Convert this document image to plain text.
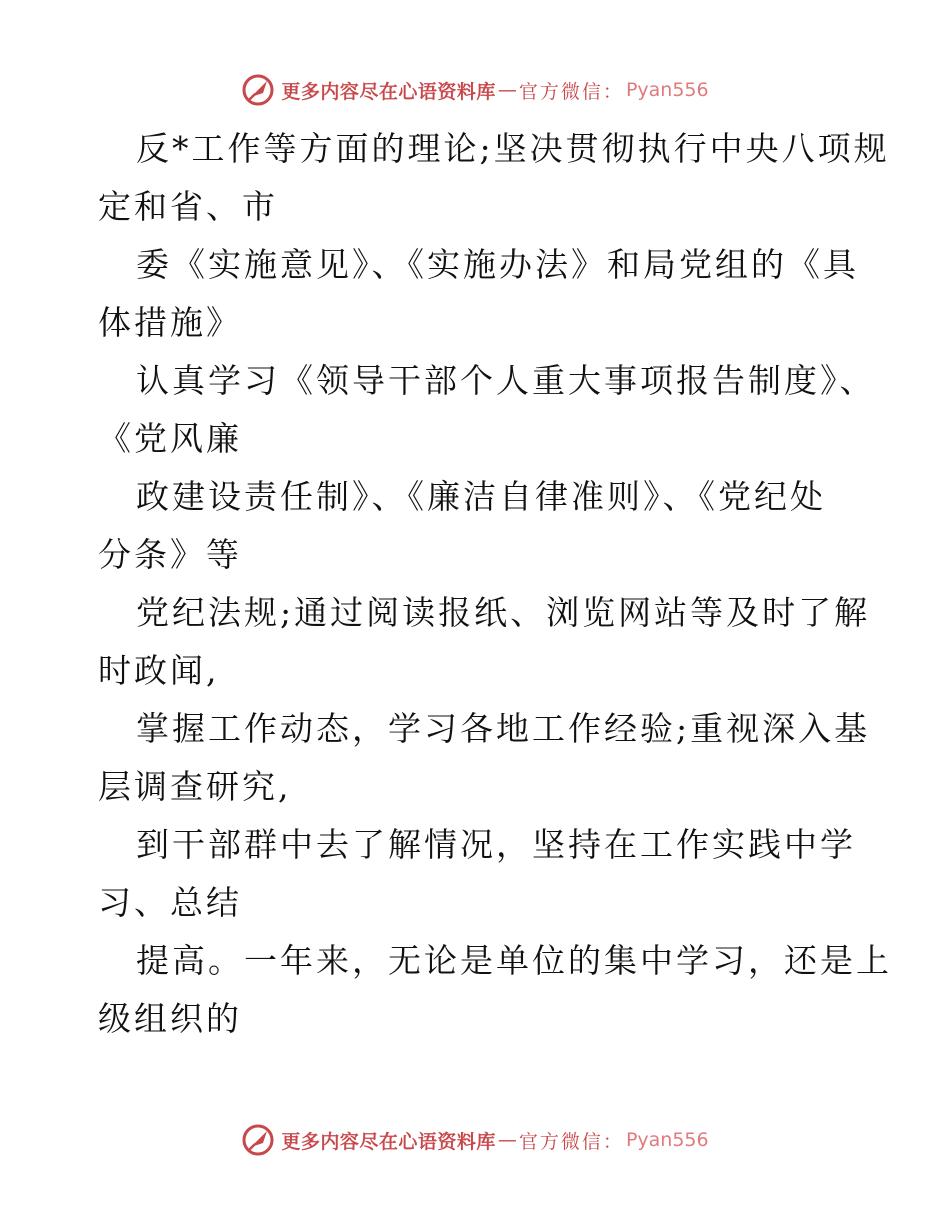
更多内容尽在心语资料库 — 官方微信： Pyan556
反*工作等方面的理论;坚决贯彻执行中央八项规
定和省、市
委《实施意见》、《实施办法》和局党组的《具
体措施》
认真学习《领导干部个人重大事项报告制度》、
《党风廉
政建设责任制》、《廉洁自律准则》、《党纪处
分条》等
党纪法规;通过阅读报纸、浏览网站等及时了解
时政闻,
掌握工作动态，学习各地工作经验;重视深入基
层调查研究,
到干部群中去了解情况，坚持在工作实践中学
习、总结
提高。一年来，无论是单位的集中学习，还是上
级组织的
更多内容尽在心语资料库 — 官方微信： Pyan556
